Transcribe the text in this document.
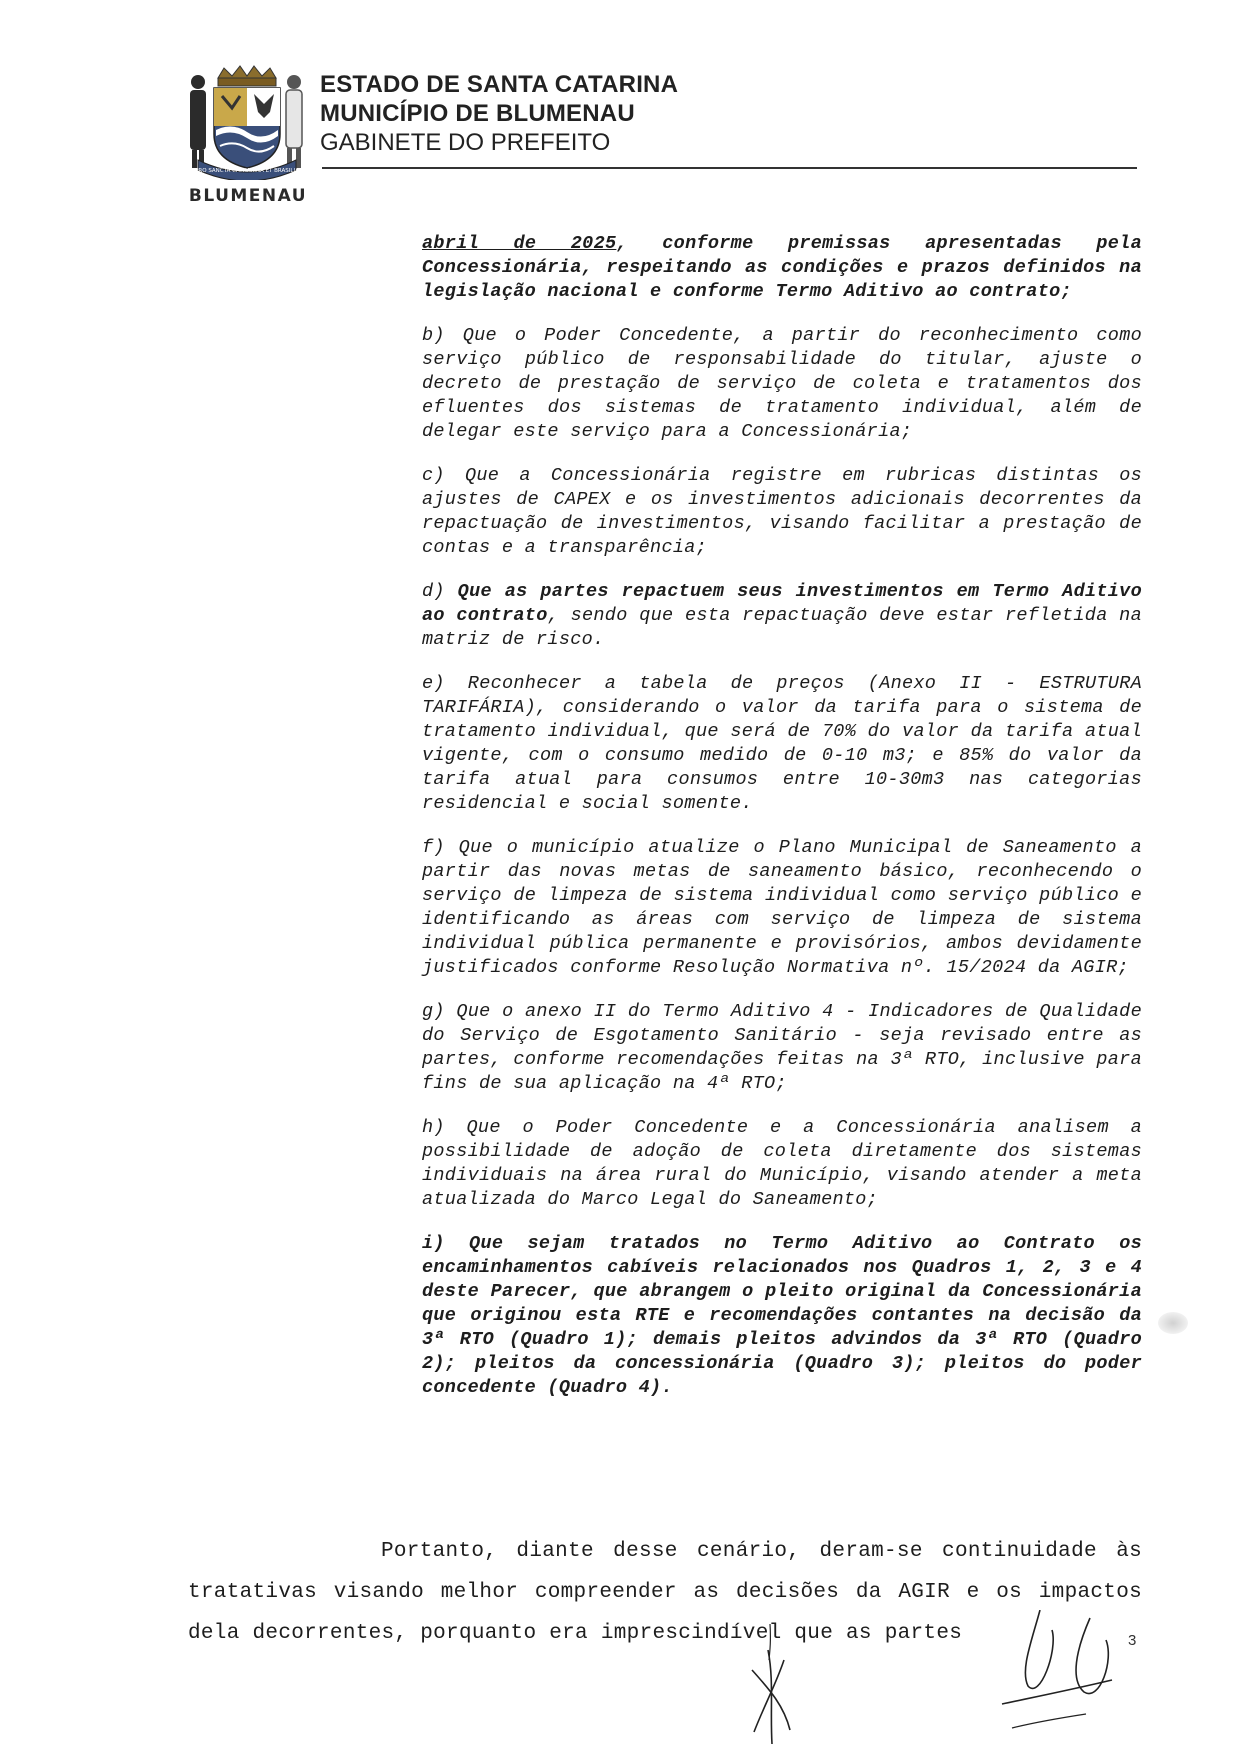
PRO SANCTA CATHARINA ET BRASILIA
BLUMENAU
ESTADO DE SANTA CATARINA
MUNICÍPIO DE BLUMENAU
GABINETE DO PREFEITO

abril de 2025, conforme premissas apresentadas pela Concessionária, respeitando as condições e prazos definidos na legislação nacional e conforme Termo Aditivo ao contrato;

b) Que o Poder Concedente, a partir do reconhecimento como serviço público de responsabilidade do titular, ajuste o decreto de prestação de serviço de coleta e tratamentos dos efluentes dos sistemas de tratamento individual, além de delegar este serviço para a Concessionária;

c) Que a Concessionária registre em rubricas distintas os ajustes de CAPEX e os investimentos adicionais decorrentes da repactuação de investimentos, visando facilitar a prestação de contas e a transparência;

d) Que as partes repactuem seus investimentos em Termo Aditivo ao contrato, sendo que esta repactuação deve estar refletida na matriz de risco.

e) Reconhecer a tabela de preços (Anexo II - ESTRUTURA TARIFÁRIA), considerando o valor da tarifa para o sistema de tratamento individual, que será de 70% do valor da tarifa atual vigente, com o consumo medido de 0-10 m3; e 85% do valor da tarifa atual para consumos entre 10-30m3 nas categorias residencial e social somente.

f) Que o município atualize o Plano Municipal de Saneamento a partir das novas metas de saneamento básico, reconhecendo o serviço de limpeza de sistema individual como serviço público e identificando as áreas com serviço de limpeza de sistema individual pública permanente e provisórios, ambos devidamente justificados conforme Resolução Normativa nº. 15/2024 da AGIR;

g) Que o anexo II do Termo Aditivo 4 - Indicadores de Qualidade do Serviço de Esgotamento Sanitário - seja revisado entre as partes, conforme recomendações feitas na 3ª RTO, inclusive para fins de sua aplicação na 4ª RTO;

h) Que o Poder Concedente e a Concessionária analisem a possibilidade de adoção de coleta diretamente dos sistemas individuais na área rural do Município, visando atender a meta atualizada do Marco Legal do Saneamento;

i) Que sejam tratados no Termo Aditivo ao Contrato os encaminhamentos cabíveis relacionados nos Quadros 1, 2, 3 e 4 deste Parecer, que abrangem o pleito original da Concessionária que originou esta RTE e recomendações contantes na decisão da 3ª RTO (Quadro 1); demais pleitos advindos da 3ª RTO (Quadro 2); pleitos da concessionária (Quadro 3); pleitos do poder concedente (Quadro 4).

Portanto, diante desse cenário, deram-se continuidade às tratativas visando melhor compreender as decisões da AGIR e os impactos dela decorrentes, porquanto era imprescindível que as partes	3
